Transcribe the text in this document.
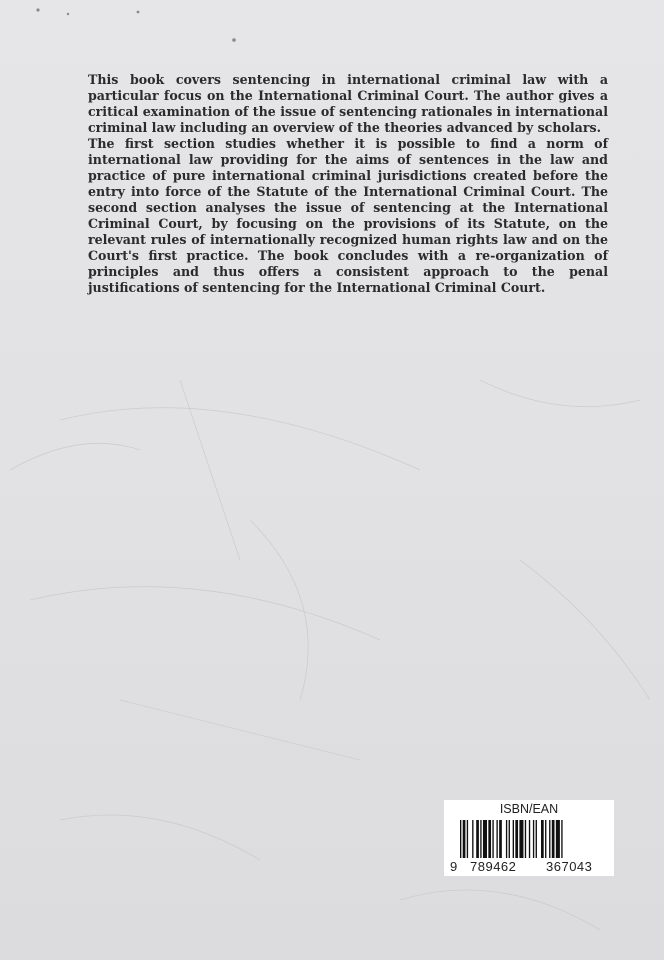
This book covers sentencing in international criminal law with a particular focus on the International Criminal Court. The author gives a critical examination of the issue of sentencing rationales in international criminal law including an overview of the theories advanced by scholars.

The first section studies whether it is possible to find a norm of international law providing for the aims of sentences in the law and practice of pure international criminal jurisdictions created before the entry into force of the Statute of the International Criminal Court. The second section analyses the issue of sentencing at the International Criminal Court, by focusing on the provisions of its Statute, on the relevant rules of internationally recognized human rights law and on the Court's first practice. The book concludes with a re-organization of principles and thus offers a consistent approach to the penal justifications of sentencing for the International Criminal Court.

ISBN/EAN
9 789462 367043
